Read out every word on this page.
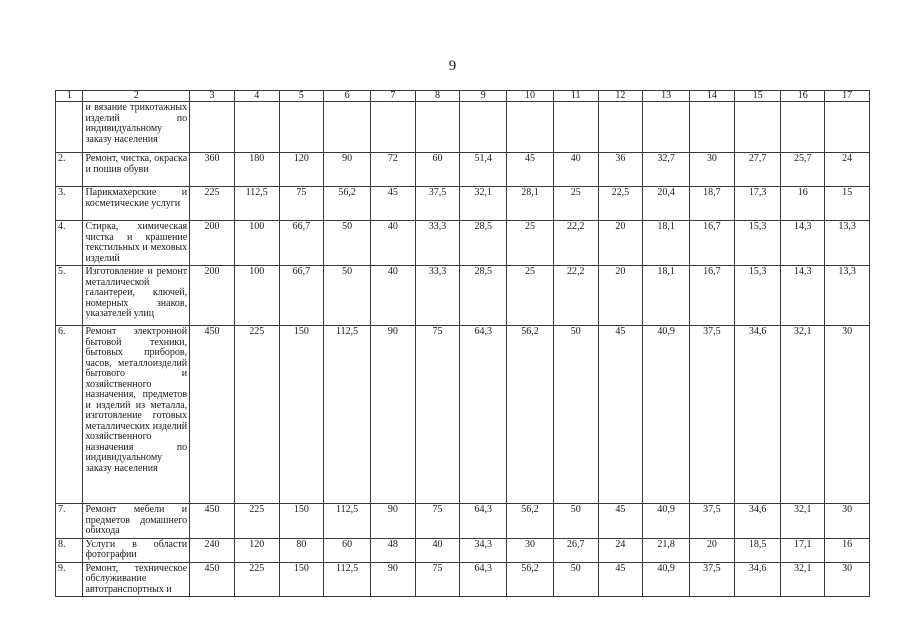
9
1	2	3	4	5	6	7	8	9	10	11	12	13	14	15	16	17
	и вязание трикотажных изделий по индивидуальному заказу населения															
2.	Ремонт, чистка, окраска и пошив обуви	360	180	120	90	72	60	51,4	45	40	36	32,7	30	27,7	25,7	24
3.	Парикмахерские и косметические услуги	225	112,5	75	56,2	45	37,5	32,1	28,1	25	22,5	20,4	18,7	17,3	16	15
4.	Стирка, химическая чистка и крашение текстильных и меховых изделий	200	100	66,7	50	40	33,3	28,5	25	22,2	20	18,1	16,7	15,3	14,3	13,3
5.	Изготовление и ремонт металлической галантереи, ключей, номерных знаков, указателей улиц	200	100	66,7	50	40	33,3	28,5	25	22,2	20	18,1	16,7	15,3	14,3	13,3
6.	Ремонт электронной бытовой техники, бытовых приборов, часов, металлоизделий бытового и хозяйственного назначения, предметов и изделий из металла, изготовление готовых металлических изделий хозяйственного назначения по индивидуальному заказу населения	450	225	150	112,5	90	75	64,3	56,2	50	45	40,9	37,5	34,6	32,1	30
7.	Ремонт мебели и предметов домашнего обихода	450	225	150	112,5	90	75	64,3	56,2	50	45	40,9	37,5	34,6	32,1	30
8.	Услуги в области фотографии	240	120	80	60	48	40	34,3	30	26,7	24	21,8	20	18,5	17,1	16
9.	Ремонт, техническое обслуживание автотранспортных и	450	225	150	112,5	90	75	64,3	56,2	50	45	40,9	37,5	34,6	32,1	30
